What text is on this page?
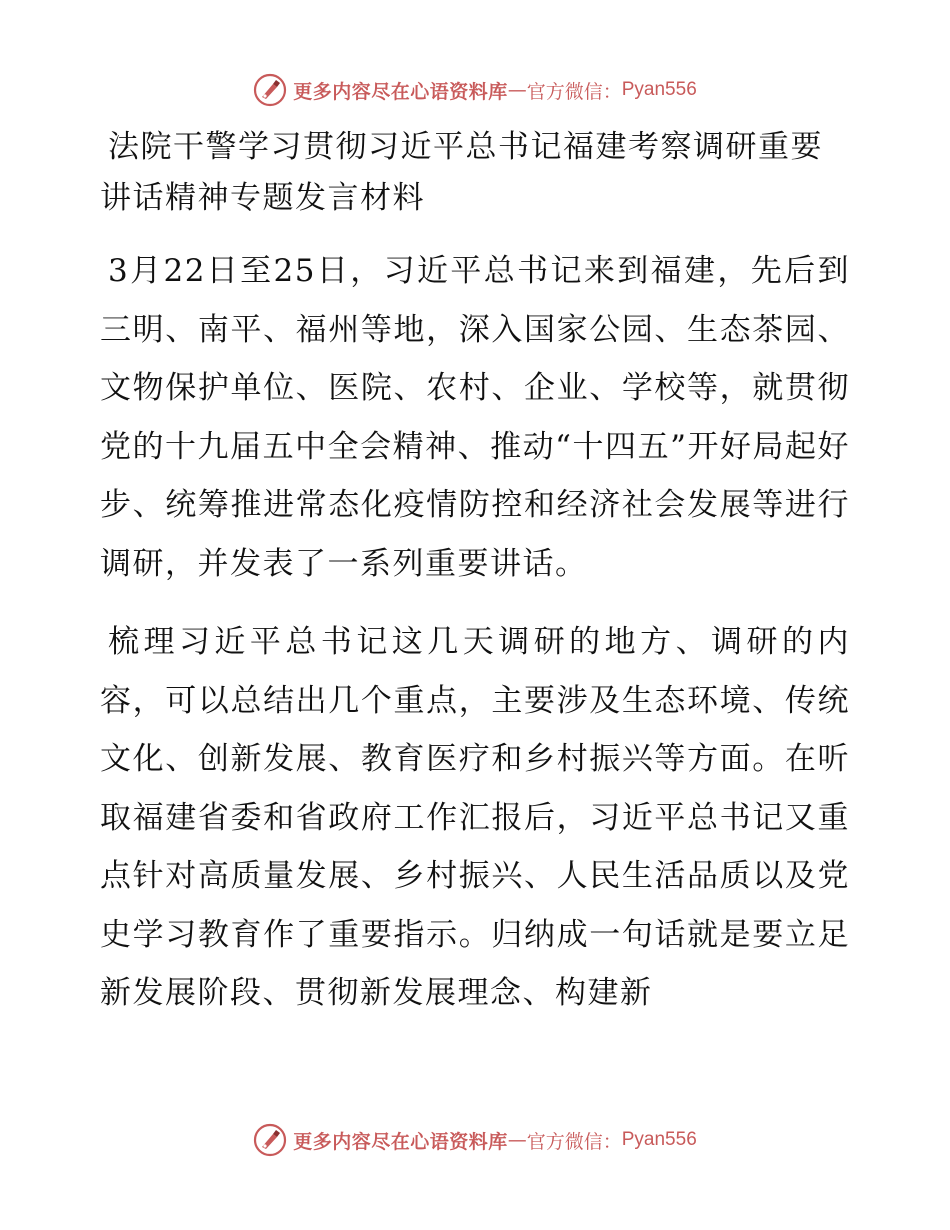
更多内容尽在心语资料库 — 官方微信： Pyan556
法院干警学习贯彻习近平总书记福建考察调研重要讲话精神专题发言材料

3月22日至25日，习近平总书记来到福建，先后到三明、南平、福州等地，深入国家公园、生态茶园、文物保护单位、医院、农村、企业、学校等，就贯彻党的十九届五中全会精神、推动“十四五”开好局起好步、统筹推进常态化疫情防控和经济社会发展等进行调研，并发表了一系列重要讲话。

梳理习近平总书记这几天调研的地方、调研的内容，可以总结出几个重点，主要涉及生态环境、传统文化、创新发展、教育医疗和乡村振兴等方面。在听取福建省委和省政府工作汇报后，习近平总书记又重点针对高质量发展、乡村振兴、人民生活品质以及党史学习教育作了重要指示。归纳成一句话就是要立足新发展阶段、贯彻新发展理念、构建新

更多内容尽在心语资料库 — 官方微信： Pyan556
